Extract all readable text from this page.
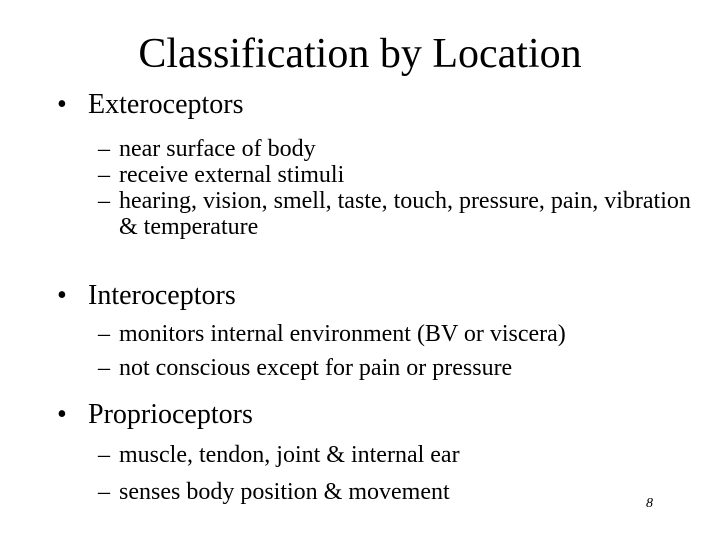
Classification by Location
• Exteroceptors

– near surface of body

– receive external stimuli

– hearing, vision, smell, taste, touch, pressure, pain, vibration & temperature

• Interoceptors

– monitors internal environment (BV or viscera)

– not conscious except for pain or pressure

• Proprioceptors

– muscle, tendon, joint & internal ear

– senses body position & movement	8
